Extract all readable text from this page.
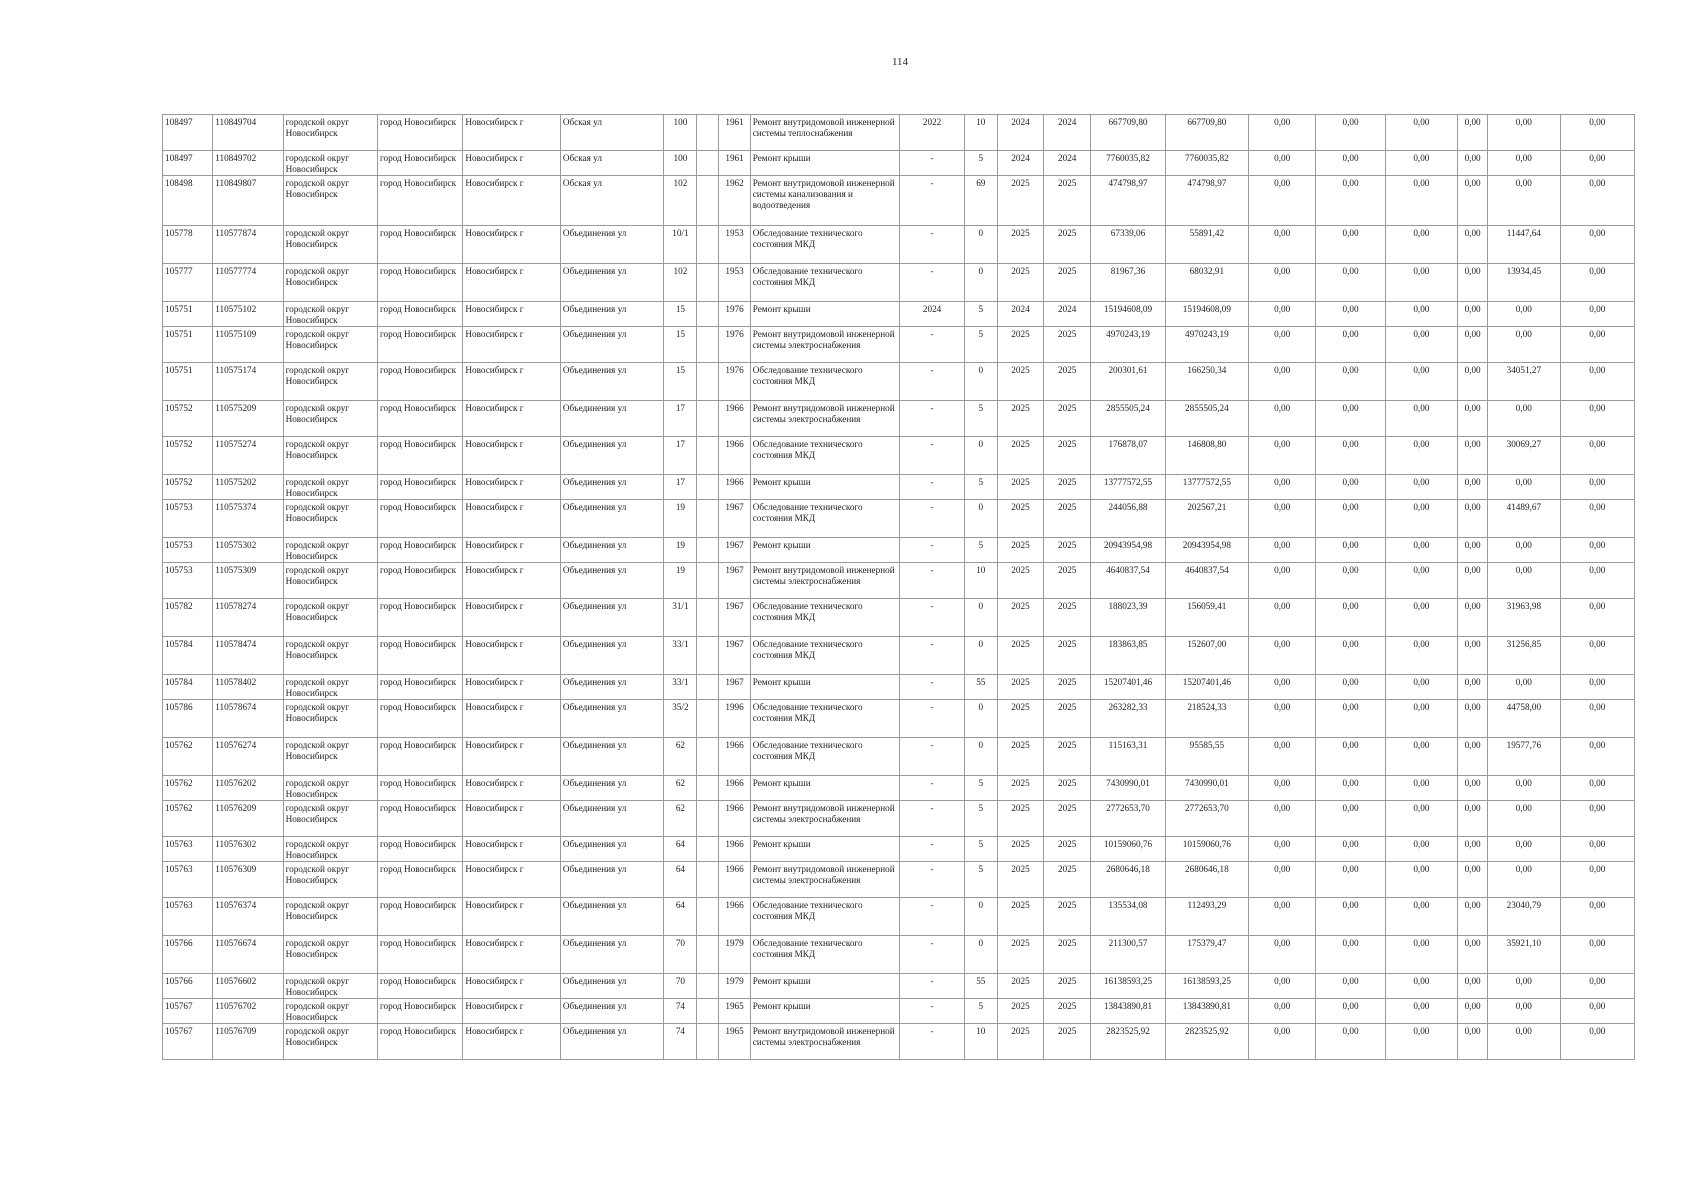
114
108497	110849704	городской округ Новосибирск	город Новосибирск	Новосибирск г	Обская ул	100		1961	Ремонт внутридомовой инженерной системы теплоснабжения	2022	10	2024	2024	667709,80	667709,80	0,00	0,00	0,00	0,00	0,00	0,00
108497	110849702	городской округ Новосибирск	город Новосибирск	Новосибирск г	Обская ул	100		1961	Ремонт крыши	-	5	2024	2024	7760035,82	7760035,82	0,00	0,00	0,00	0,00	0,00	0,00
108498	110849807	городской округ Новосибирск	город Новосибирск	Новосибирск г	Обская ул	102		1962	Ремонт внутридомовой инженерной системы канализования и водоотведения	-	69	2025	2025	474798,97	474798,97	0,00	0,00	0,00	0,00	0,00	0,00
105778	110577874	городской округ Новосибирск	город Новосибирск	Новосибирск г	Объединения ул	10/1		1953	Обследование технического состояния МКД	-	0	2025	2025	67339,06	55891,42	0,00	0,00	0,00	0,00	11447,64	0,00
105777	110577774	городской округ Новосибирск	город Новосибирск	Новосибирск г	Объединения ул	102		1953	Обследование технического состояния МКД	-	0	2025	2025	81967,36	68032,91	0,00	0,00	0,00	0,00	13934,45	0,00
105751	110575102	городской округ Новосибирск	город Новосибирск	Новосибирск г	Объединения ул	15		1976	Ремонт крыши	2024	5	2024	2024	15194608,09	15194608,09	0,00	0,00	0,00	0,00	0,00	0,00
105751	110575109	городской округ Новосибирск	город Новосибирск	Новосибирск г	Объединения ул	15		1976	Ремонт внутридомовой инженерной системы электроснабжения	-	5	2025	2025	4970243,19	4970243,19	0,00	0,00	0,00	0,00	0,00	0,00
105751	110575174	городской округ Новосибирск	город Новосибирск	Новосибирск г	Объединения ул	15		1976	Обследование технического состояния МКД	-	0	2025	2025	200301,61	166250,34	0,00	0,00	0,00	0,00	34051,27	0,00
105752	110575209	городской округ Новосибирск	город Новосибирск	Новосибирск г	Объединения ул	17		1966	Ремонт внутридомовой инженерной системы электроснабжения	-	5	2025	2025	2855505,24	2855505,24	0,00	0,00	0,00	0,00	0,00	0,00
105752	110575274	городской округ Новосибирск	город Новосибирск	Новосибирск г	Объединения ул	17		1966	Обследование технического состояния МКД	-	0	2025	2025	176878,07	146808,80	0,00	0,00	0,00	0,00	30069,27	0,00
105752	110575202	городской округ Новосибирск	город Новосибирск	Новосибирск г	Объединения ул	17		1966	Ремонт крыши	-	5	2025	2025	13777572,55	13777572,55	0,00	0,00	0,00	0,00	0,00	0,00
105753	110575374	городской округ Новосибирск	город Новосибирск	Новосибирск г	Объединения ул	19		1967	Обследование технического состояния МКД	-	0	2025	2025	244056,88	202567,21	0,00	0,00	0,00	0,00	41489,67	0,00
105753	110575302	городской округ Новосибирск	город Новосибирск	Новосибирск г	Объединения ул	19		1967	Ремонт крыши	-	5	2025	2025	20943954,98	20943954,98	0,00	0,00	0,00	0,00	0,00	0,00
105753	110575309	городской округ Новосибирск	город Новосибирск	Новосибирск г	Объединения ул	19		1967	Ремонт внутридомовой инженерной системы электроснабжения	-	10	2025	2025	4640837,54	4640837,54	0,00	0,00	0,00	0,00	0,00	0,00
105782	110578274	городской округ Новосибирск	город Новосибирск	Новосибирск г	Объединения ул	31/1		1967	Обследование технического состояния МКД	-	0	2025	2025	188023,39	156059,41	0,00	0,00	0,00	0,00	31963,98	0,00
105784	110578474	городской округ Новосибирск	город Новосибирск	Новосибирск г	Объединения ул	33/1		1967	Обследование технического состояния МКД	-	0	2025	2025	183863,85	152607,00	0,00	0,00	0,00	0,00	31256,85	0,00
105784	110578402	городской округ Новосибирск	город Новосибирск	Новосибирск г	Объединения ул	33/1		1967	Ремонт крыши	-	55	2025	2025	15207401,46	15207401,46	0,00	0,00	0,00	0,00	0,00	0,00
105786	110578674	городской округ Новосибирск	город Новосибирск	Новосибирск г	Объединения ул	35/2		1996	Обследование технического состояния МКД	-	0	2025	2025	263282,33	218524,33	0,00	0,00	0,00	0,00	44758,00	0,00
105762	110576274	городской округ Новосибирск	город Новосибирск	Новосибирск г	Объединения ул	62		1966	Обследование технического состояния МКД	-	0	2025	2025	115163,31	95585,55	0,00	0,00	0,00	0,00	19577,76	0,00
105762	110576202	городской округ Новосибирск	город Новосибирск	Новосибирск г	Объединения ул	62		1966	Ремонт крыши	-	5	2025	2025	7430990,01	7430990,01	0,00	0,00	0,00	0,00	0,00	0,00
105762	110576209	городской округ Новосибирск	город Новосибирск	Новосибирск г	Объединения ул	62		1966	Ремонт внутридомовой инженерной системы электроснабжения	-	5	2025	2025	2772653,70	2772653,70	0,00	0,00	0,00	0,00	0,00	0,00
105763	110576302	городской округ Новосибирск	город Новосибирск	Новосибирск г	Объединения ул	64		1966	Ремонт крыши	-	5	2025	2025	10159060,76	10159060,76	0,00	0,00	0,00	0,00	0,00	0,00
105763	110576309	городской округ Новосибирск	город Новосибирск	Новосибирск г	Объединения ул	64		1966	Ремонт внутридомовой инженерной системы электроснабжения	-	5	2025	2025	2680646,18	2680646,18	0,00	0,00	0,00	0,00	0,00	0,00
105763	110576374	городской округ Новосибирск	город Новосибирск	Новосибирск г	Объединения ул	64		1966	Обследование технического состояния МКД	-	0	2025	2025	135534,08	112493,29	0,00	0,00	0,00	0,00	23040,79	0,00
105766	110576674	городской округ Новосибирск	город Новосибирск	Новосибирск г	Объединения ул	70		1979	Обследование технического состояния МКД	-	0	2025	2025	211300,57	175379,47	0,00	0,00	0,00	0,00	35921,10	0,00
105766	110576602	городской округ Новосибирск	город Новосибирск	Новосибирск г	Объединения ул	70		1979	Ремонт крыши	-	55	2025	2025	16138593,25	16138593,25	0,00	0,00	0,00	0,00	0,00	0,00
105767	110576702	городской округ Новосибирск	город Новосибирск	Новосибирск г	Объединения ул	74		1965	Ремонт крыши	-	5	2025	2025	13843890,81	13843890,81	0,00	0,00	0,00	0,00	0,00	0,00
105767	110576709	городской округ Новосибирск	город Новосибирск	Новосибирск г	Объединения ул	74		1965	Ремонт внутридомовой инженерной системы электроснабжения	-	10	2025	2025	2823525,92	2823525,92	0,00	0,00	0,00	0,00	0,00	0,00
